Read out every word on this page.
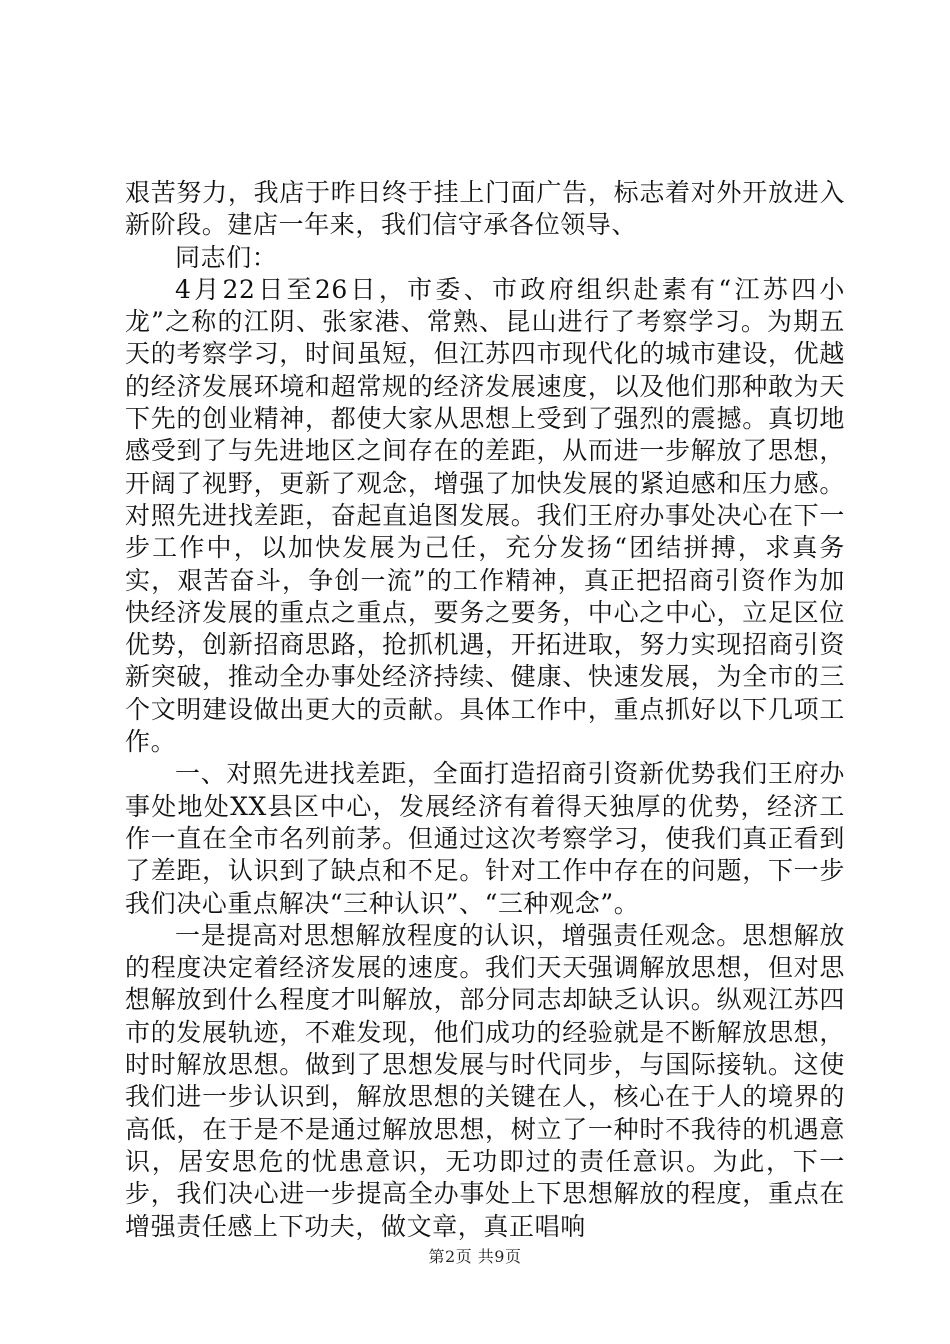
艰苦努力，我店于昨日终于挂上门面广告，标志着对外开放进入新阶段。建店一年来，我们信守承各位领导、

同志们：

4月22日至26日，市委、市政府组织赴素有“江苏四小龙”之称的江阴、张家港、常熟、昆山进行了考察学习。为期五天的考察学习，时间虽短，但江苏四市现代化的城市建设，优越的经济发展环境和超常规的经济发展速度，以及他们那种敢为天下先的创业精神，都使大家从思想上受到了强烈的震撼。真切地感受到了与先进地区之间存在的差距，从而进一步解放了思想，开阔了视野，更新了观念，增强了加快发展的紧迫感和压力感。对照先进找差距，奋起直追图发展。我们王府办事处决心在下一步工作中，以加快发展为己任，充分发扬“团结拼搏，求真务实，艰苦奋斗，争创一流”的工作精神，真正把招商引资作为加快经济发展的重点之重点，要务之要务，中心之中心，立足区位优势，创新招商思路，抢抓机遇，开拓进取，努力实现招商引资新突破，推动全办事处经济持续、健康、快速发展，为全市的三个文明建设做出更大的贡献。具体工作中，重点抓好以下几项工作。

一、对照先进找差距，全面打造招商引资新优势我们王府办事处地处XX县区中心，发展经济有着得天独厚的优势，经济工作一直在全市名列前茅。但通过这次考察学习，使我们真正看到了差距，认识到了缺点和不足。针对工作中存在的问题，下一步我们决心重点解决“三种认识”、“三种观念”。

一是提高对思想解放程度的认识，增强责任观念。思想解放的程度决定着经济发展的速度。我们天天强调解放思想，但对思想解放到什么程度才叫解放，部分同志却缺乏认识。纵观江苏四市的发展轨迹，不难发现，他们成功的经验就是不断解放思想，时时解放思想。做到了思想发展与时代同步，与国际接轨。这使我们进一步认识到，解放思想的关键在人，核心在于人的境界的高低，在于是不是通过解放思想，树立了一种时不我待的机遇意识，居安思危的忧患意识，无功即过的责任意识。为此，下一步，我们决心进一步提高全办事处上下思想解放的程度，重点在增强责任感上下功夫，做文章，真正唱响

第2页 共9页
